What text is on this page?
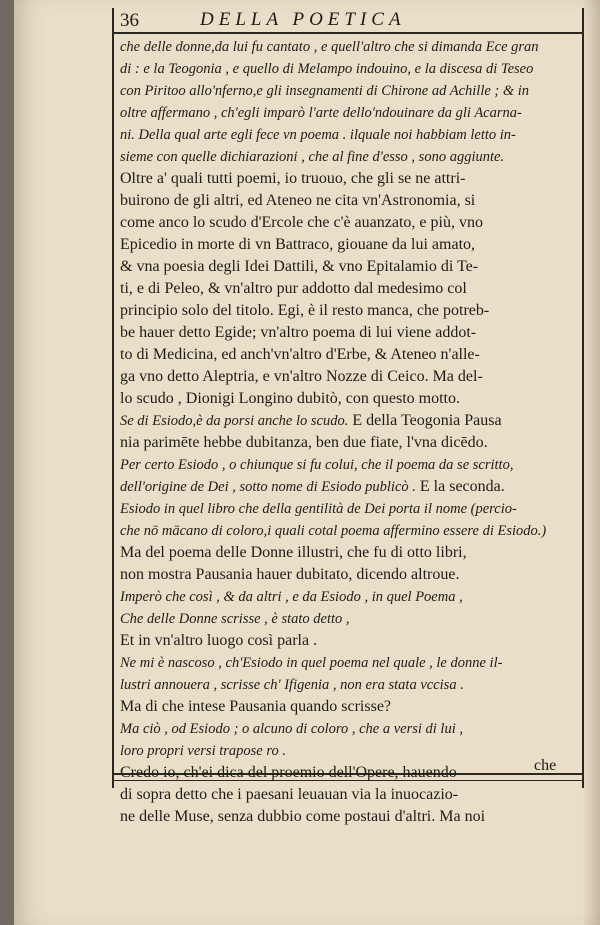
36	DELLA POETICA
che delle donne,da lui fu cantato , e quell'altro che si dimanda Ece gran
di : e la Teogonia , e quello di Melampo indouino, e la discesa di Teseo
con Piritoo allo'nferno,e gli insegnamenti di Chirone ad Achille ; & in
oltre affermano , ch'egli imparò l'arte dello'ndouinare da gli Acarna-
ni. Della qual arte egli fece vn poema . ilquale noi habbiam letto in-
sieme con quelle dichiarazioni , che al fine d'esso , sono aggiunte.
Oltre a' quali tutti poemi, io truouo, che gli se ne attri-
buirono de gli altri, ed Ateneo ne cita vn'Astronomia, si
come anco lo scudo d'Ercole che c'è auanzato, e più, vno
Epicedio in morte di vn Battraco, giouane da lui amato,
& vna poesia degli Idei Dattili, & vno Epitalamio di Te-
ti, e di Peleo, & vn'altro pur addotto dal medesimo col
principio solo del titolo. Egi, è il resto manca, che potreb-
be hauer detto Egide; vn'altro poema di lui viene addot-
to di Medicina, ed anch'vn'altro d'Erbe, & Ateneo n'alle-
ga vno detto Aleptria, e vn'altro Nozze di Ceico. Ma del-
lo scudo , Dionigi Longino dubitò, con questo motto.
Se di Esiodo,è da porsi anche lo scudo. E della Teogonia Pausa
nia parimēte hebbe dubitanza, ben due fiate, l'vna dicēdo.
Per certo Esiodo , o chiunque si fu colui, che il poema da se scritto,
dell'origine de Dei , sotto nome di Esiodo publicò . E la seconda.
Esiodo in quel libro che della gentilità de Dei porta il nome (percio-
che nō mācano di coloro,i quali cotal poema affermino essere di Esiodo.)
Ma del poema delle Donne illustri, che fu di otto libri,
non mostra Pausania hauer dubitato, dicendo altroue.
Imperò che così , & da altri , e da Esiodo , in quel Poema ,
Che delle Donne scrisse , è stato detto ,
Et in vn'altro luogo così parla .
Ne mi è nascoso , ch'Esiodo in quel poema nel quale , le donne il-
lustri annouera , scrisse ch' Ifigenia , non era stata vccisa .
Ma di che intese Pausania quando scrisse?
Ma ciò , od Esiodo ; o alcuno di coloro , che a versi di lui ,
loro propri versi trapose ro .
Credo io, ch'ei dica del proemio dell'Opere, hauendo
di sopra detto che i paesani leuauan via la inuocazio-
ne delle Muse, senza dubbio come postaui d'altri. Ma noi
che
